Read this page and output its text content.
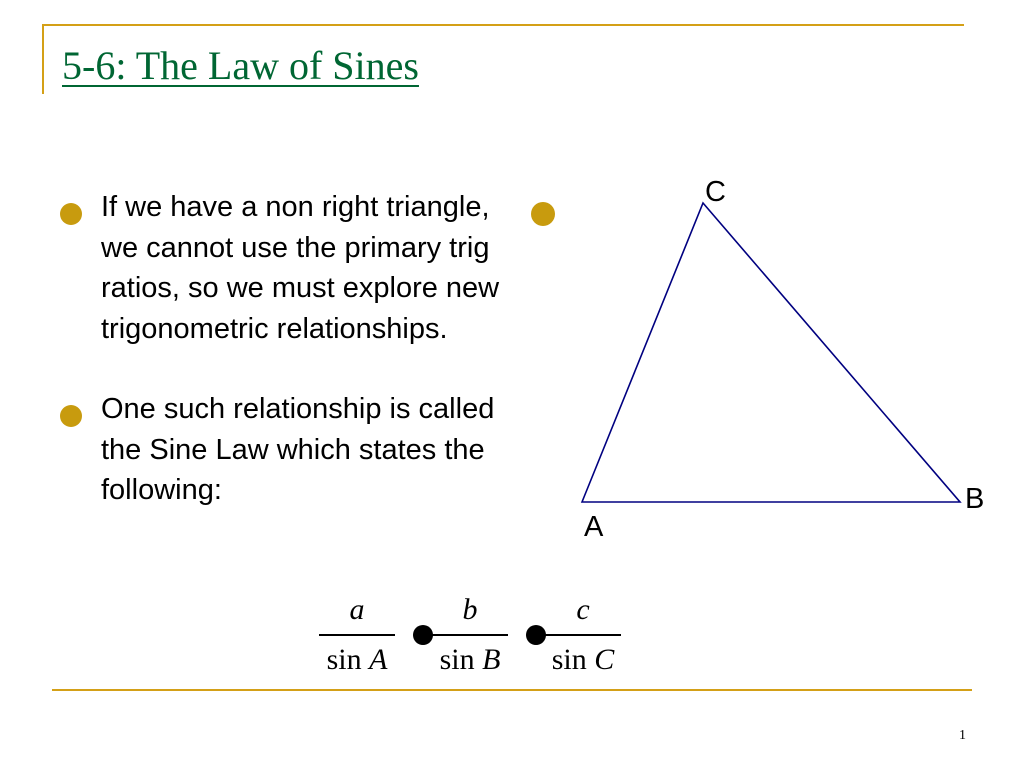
5-6: The Law of Sines
If we have a non right triangle, we cannot use the primary trig ratios, so we must explore new trigonometric relationships.
One such relationship is called the Sine Law which states the following:
C
A
B
a
sin A
b
sin B
c
sin C
1
